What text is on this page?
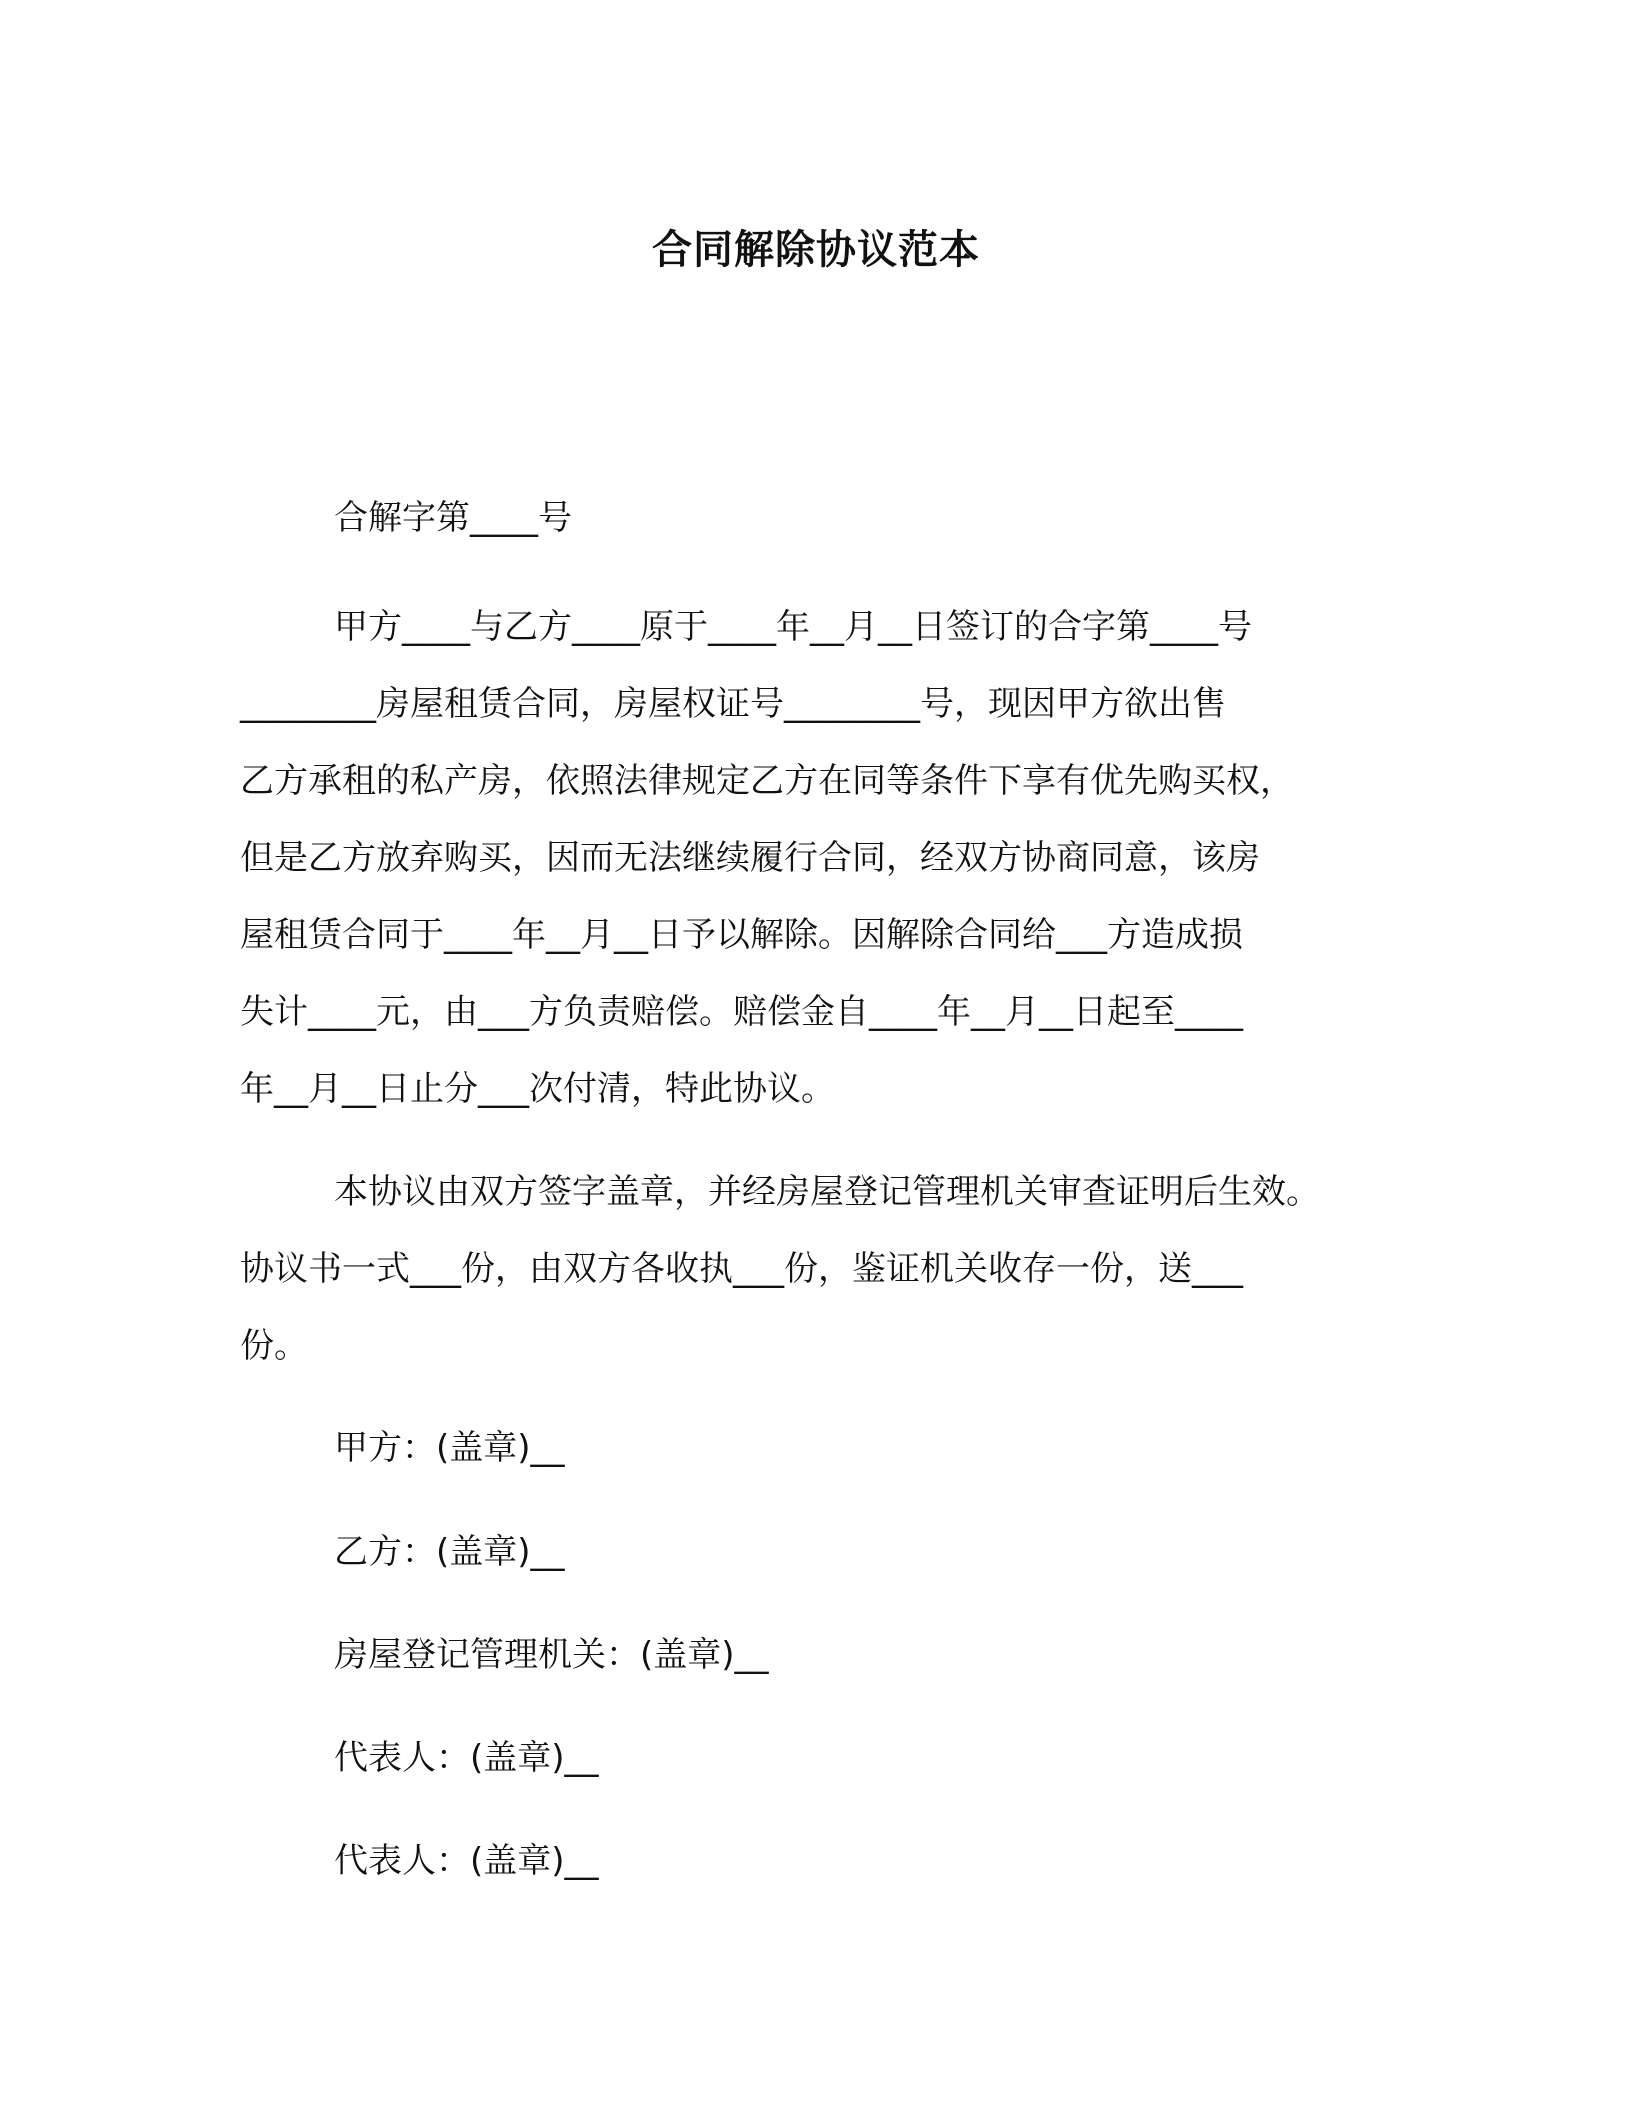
合同解除协议范本
合解字第____号
甲方____与乙方____原于____年__月__日签订的合字第____号
________房屋租赁合同，房屋权证号________号，现因甲方欲出售
乙方承租的私产房，依照法律规定乙方在同等条件下享有优先购买权，
但是乙方放弃购买，因而无法继续履行合同，经双方协商同意，该房
屋租赁合同于____年__月__日予以解除。因解除合同给___方造成损
失计____元，由___方负责赔偿。赔偿金自____年__月__日起至____
年__月__日止分___次付清，特此协议。
本协议由双方签字盖章，并经房屋登记管理机关审查证明后生效。
协议书一式___份，由双方各收执___份，鉴证机关收存一份，送___
份。
甲方：(盖章)__
乙方：(盖章)__
房屋登记管理机关：(盖章)__
代表人：(盖章)__
代表人：(盖章)__
